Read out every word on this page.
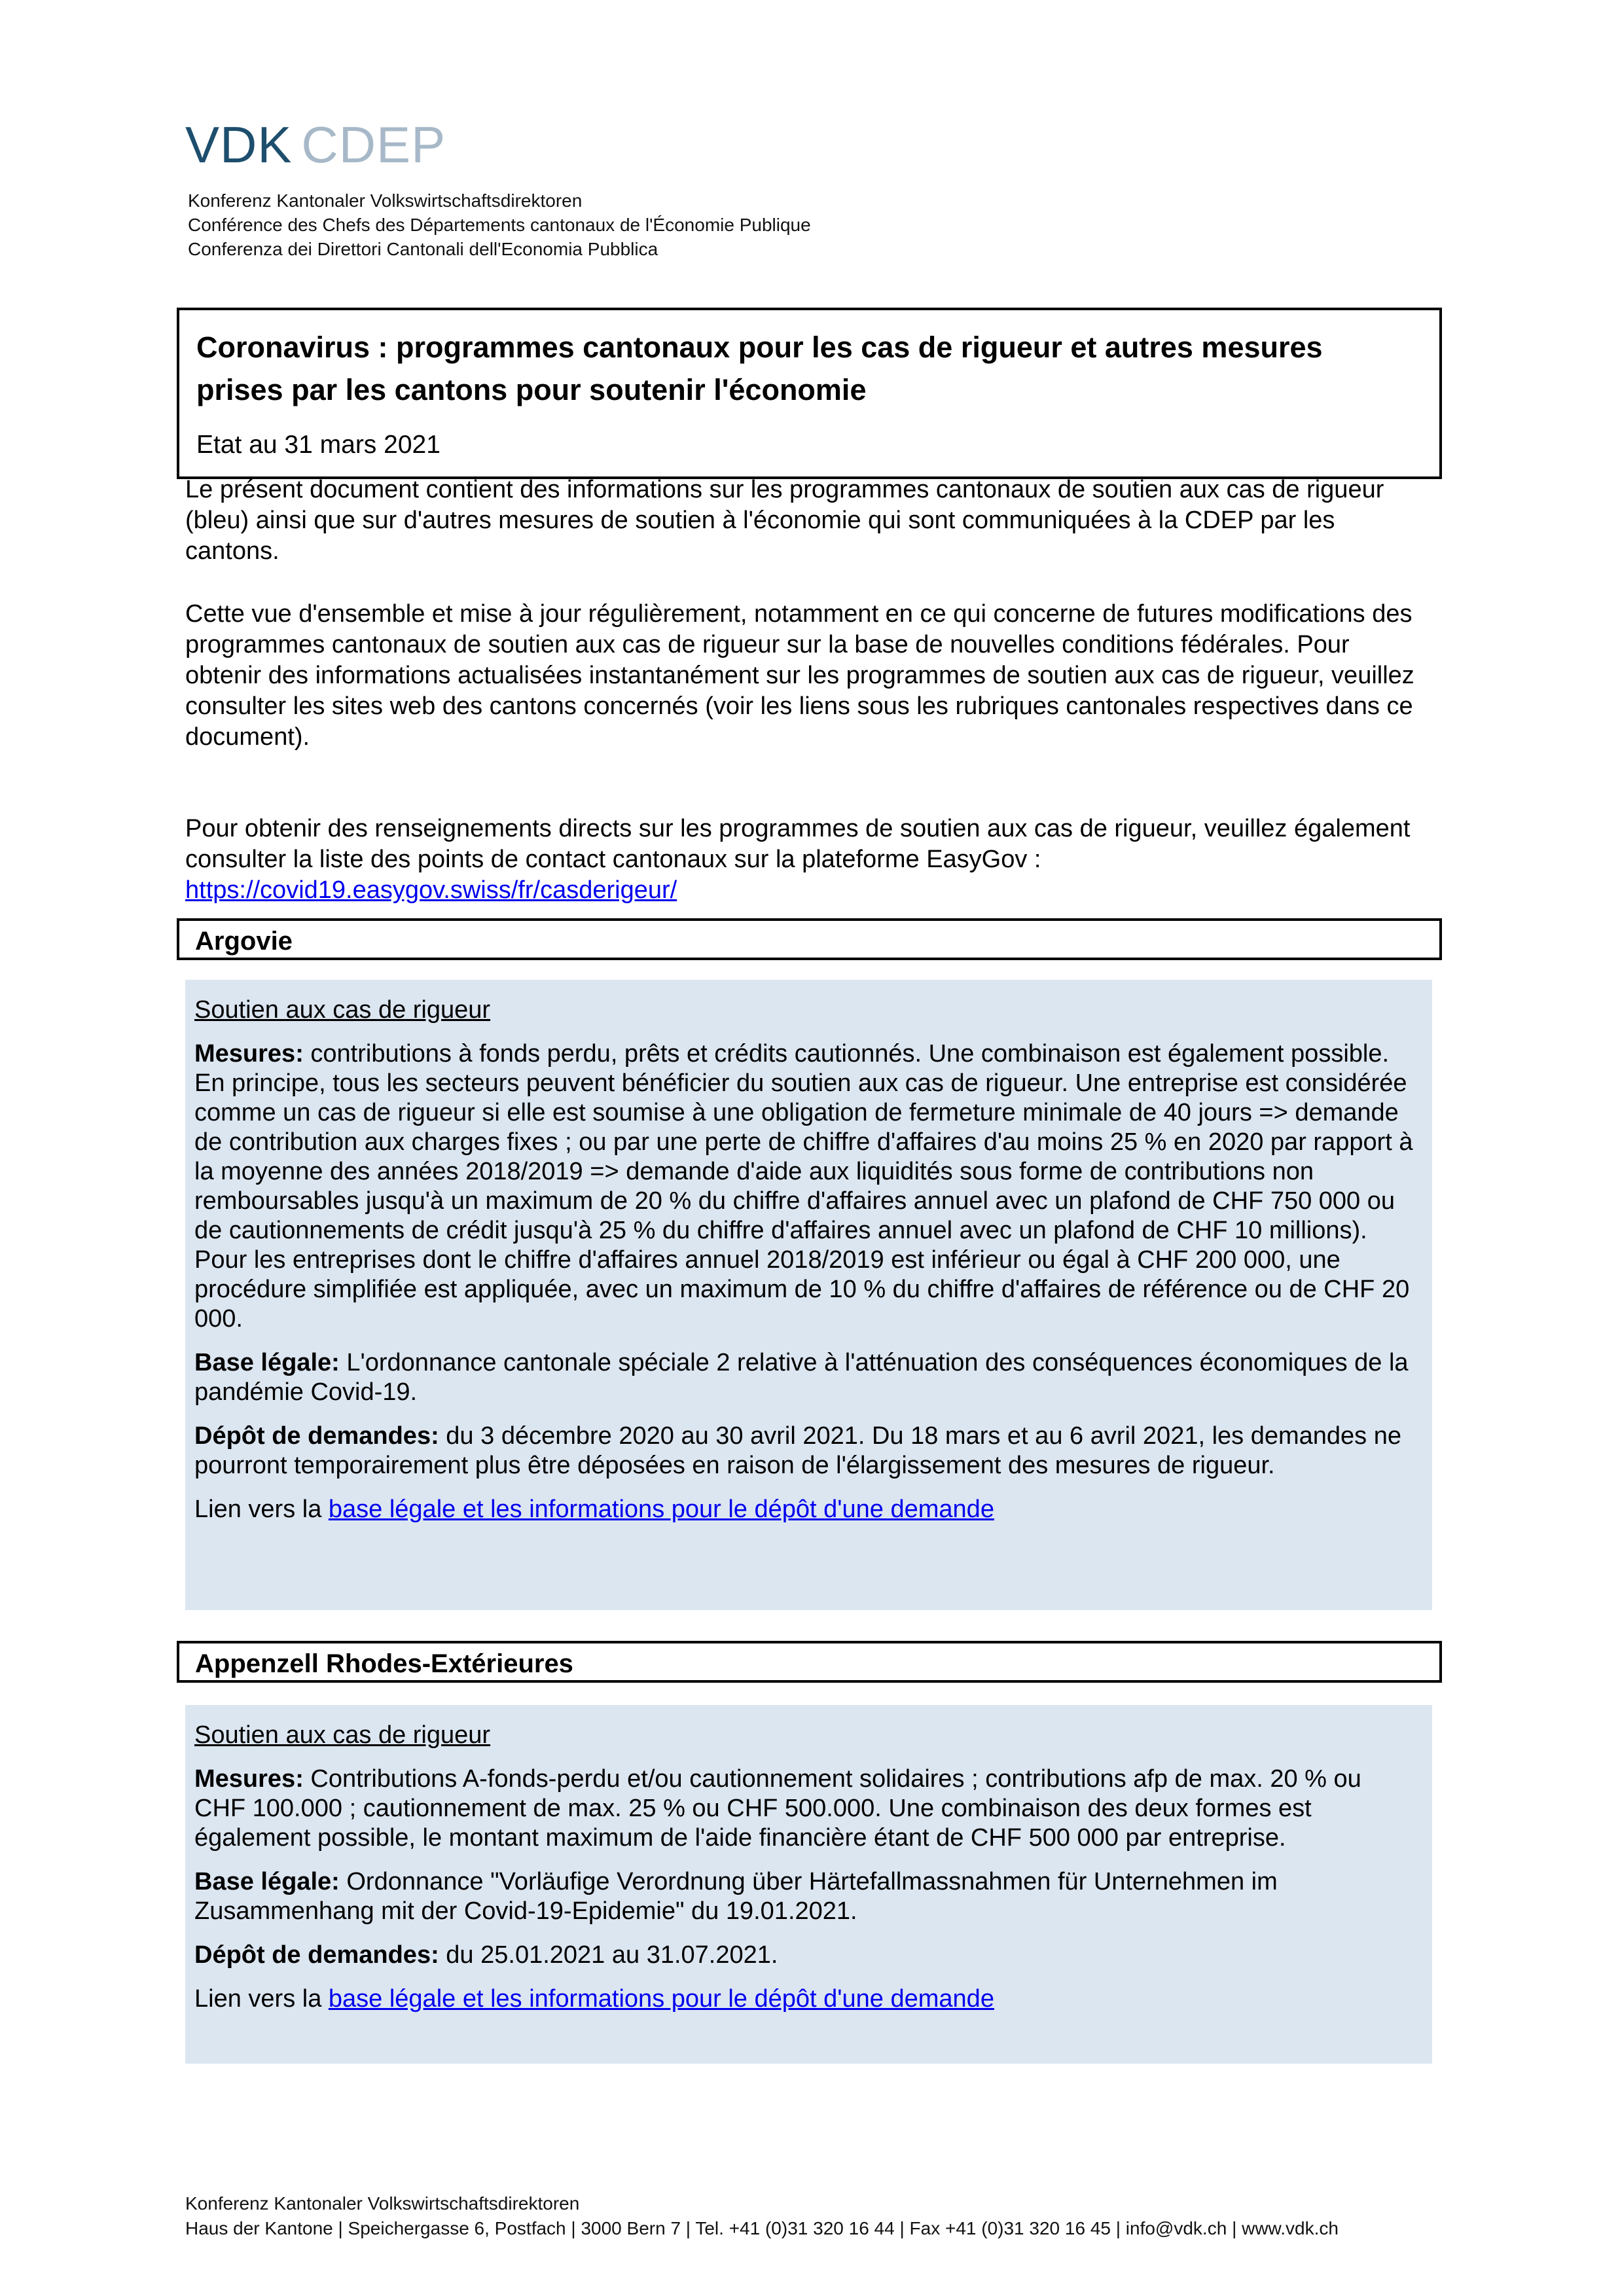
VDK CDEP
Konferenz Kantonaler Volkswirtschaftsdirektoren
Conférence des Chefs des Départements cantonaux de l'Économie Publique
Conferenza dei Direttori Cantonali dell'Economia Pubblica
Coronavirus : programmes cantonaux pour les cas de rigueur et autres mesures
prises par les cantons pour soutenir l'économie
Etat au 31 mars 2021
Le présent document contient des informations sur les programmes cantonaux de soutien aux cas de rigueur (bleu) ainsi que sur d'autres mesures de soutien à l'économie qui sont communiquées à la CDEP par les cantons.
Cette vue d'ensemble et mise à jour régulièrement, notamment en ce qui concerne de futures modifications des programmes cantonaux de soutien aux cas de rigueur sur la base de nouvelles conditions fédérales. Pour obtenir des informations actualisées instantanément sur les programmes de soutien aux cas de rigueur, veuillez consulter les sites web des cantons concernés (voir les liens sous les rubriques cantonales respectives dans ce document).
Pour obtenir des renseignements directs sur les programmes de soutien aux cas de rigueur, veuillez également consulter la liste des points de contact cantonaux sur la plateforme EasyGov :
https://covid19.easygov.swiss/fr/casderigeur/
Argovie
Soutien aux cas de rigueur

Mesures: contributions à fonds perdu, prêts et crédits cautionnés. Une combinaison est également possible. En principe, tous les secteurs peuvent bénéficier du soutien aux cas de rigueur. Une entreprise est considérée comme un cas de rigueur si elle est soumise à une obligation de fermeture minimale de 40 jours => demande de contribution aux charges fixes ; ou par une perte de chiffre d'affaires d'au moins 25 % en 2020 par rapport à la moyenne des années 2018/2019 => demande d'aide aux liquidités sous forme de contributions non remboursables jusqu'à un maximum de 20 % du chiffre d'affaires annuel avec un plafond de CHF 750 000 ou de cautionnements de crédit jusqu'à 25 % du chiffre d'affaires annuel avec un plafond de CHF 10 millions). Pour les entreprises dont le chiffre d'affaires annuel 2018/2019 est inférieur ou égal à CHF 200 000, une procédure simplifiée est appliquée, avec un maximum de 10 % du chiffre d'affaires de référence ou de CHF 20 000.

Base légale: L'ordonnance cantonale spéciale 2 relative à l'atténuation des conséquences économiques de la pandémie Covid-19.

Dépôt de demandes: du 3 décembre 2020 au 30 avril 2021. Du 18 mars et au 6 avril 2021, les demandes ne pourront temporairement plus être déposées en raison de l'élargissement des mesures de rigueur.

Lien vers la base légale et les informations pour le dépôt d'une demande

Appenzell Rhodes-Extérieures
Soutien aux cas de rigueur

Mesures: Contributions A-fonds-perdu et/ou cautionnement solidaires ; contributions afp de max. 20 % ou CHF 100.000 ; cautionnement de max. 25 % ou CHF 500.000. Une combinaison des deux formes est également possible, le montant maximum de l'aide financière étant de CHF 500 000 par entreprise.

Base légale: Ordonnance "Vorläufige Verordnung über Härtefallmassnahmen für Unternehmen im Zusammenhang mit der Covid-19-Epidemie" du 19.01.2021.

Dépôt de demandes: du 25.01.2021 au 31.07.2021.

Lien vers la base légale et les informations pour le dépôt d'une demande

Konferenz Kantonaler Volkswirtschaftsdirektoren
Haus der Kantone | Speichergasse 6, Postfach | 3000 Bern 7 | Tel. +41 (0)31 320 16 44 | Fax +41 (0)31 320 16 45 | info@vdk.ch | www.vdk.ch
